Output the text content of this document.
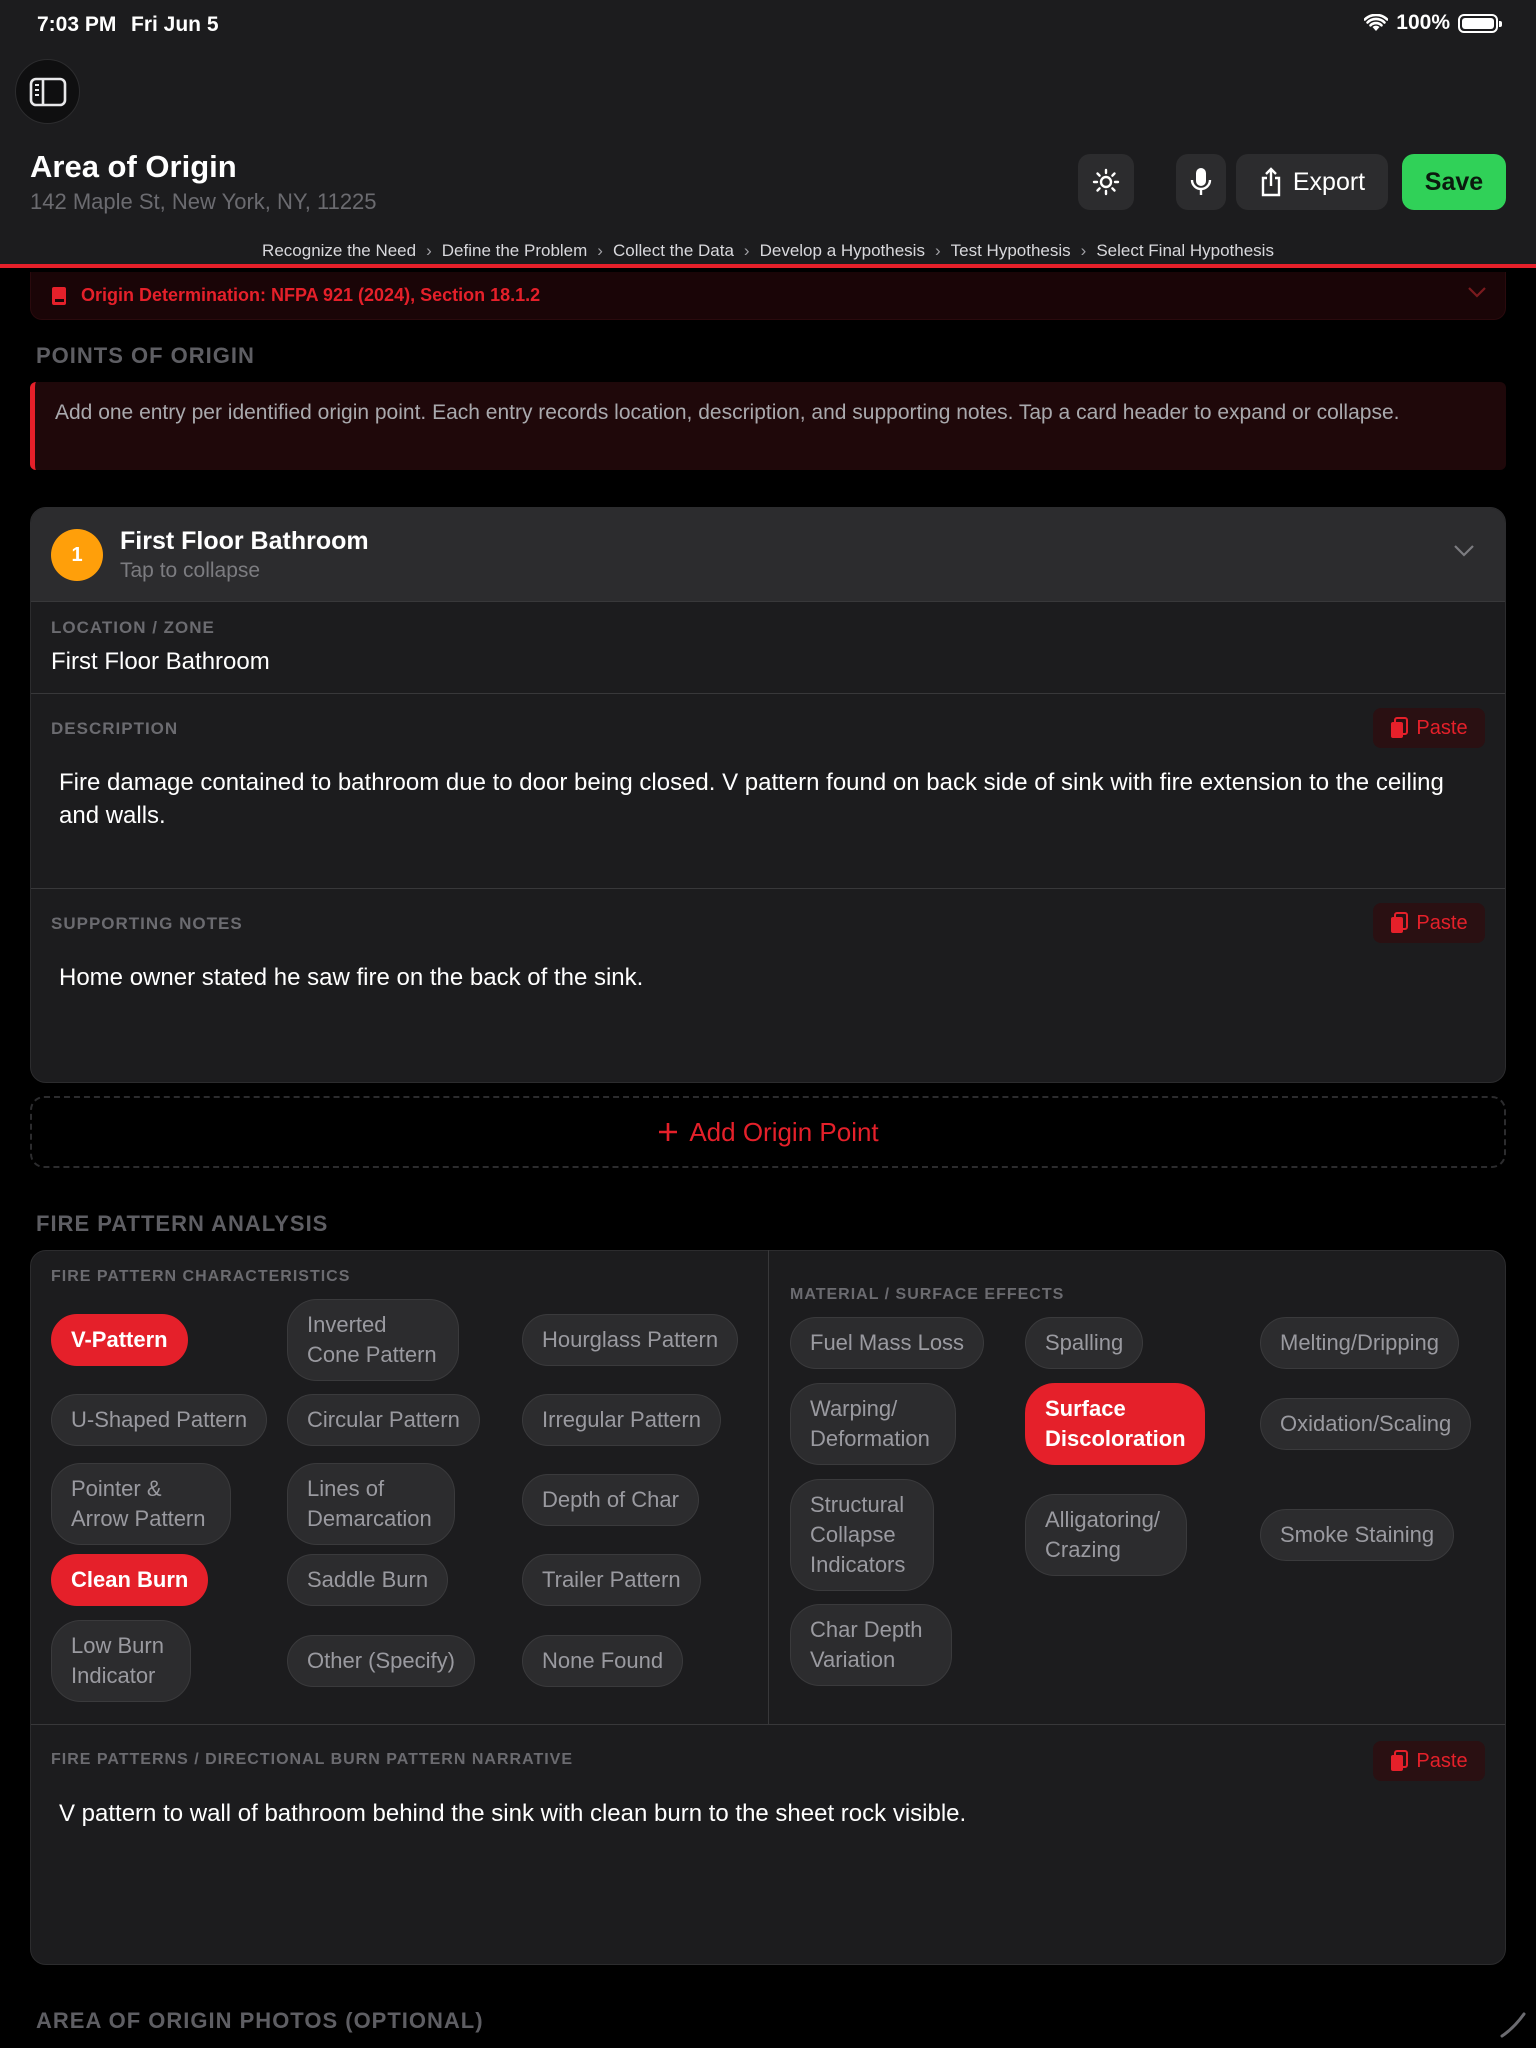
7:03 PM Fri Jun 5	100%
Area of Origin
142 Maple St, New York, NY, 11225
Export	Save
Recognize the Need › Define the Problem › Collect the Data › Develop a Hypothesis › Test Hypothesis › Select Final Hypothesis
Origin Determination: NFPA 921 (2024), Section 18.1.2
POINTS OF ORIGIN
Add one entry per identified origin point. Each entry records location, description, and supporting notes. Tap a card header to expand or collapse.
1	First Floor Bathroom
Tap to collapse
LOCATION / ZONE
First Floor Bathroom
DESCRIPTION	Paste
Fire damage contained to bathroom due to door being closed. V pattern found on back side of sink with fire extension to the ceiling and walls.
SUPPORTING NOTES	Paste
Home owner stated he saw fire on the back of the sink.
Add Origin Point
FIRE PATTERN ANALYSIS
FIRE PATTERN CHARACTERISTICS
MATERIAL / SURFACE EFFECTS
V-Pattern
Inverted Cone Pattern
Hourglass Pattern
U-Shaped Pattern	Circular Pattern	Irregular Pattern
Pointer & Arrow Pattern
Lines of Demarcation
Depth of Char
Clean Burn	Saddle Burn	Trailer Pattern
Low Burn Indicator
Other (Specify)	None Found
Fuel Mass Loss	Spalling	Melting/Dripping
Warping/ Deformation
Surface Discoloration
Oxidation/Scaling
Structural Collapse Indicators
Alligatoring/ Crazing
Smoke Staining
Char Depth Variation
FIRE PATTERNS / DIRECTIONAL BURN PATTERN NARRATIVE	Paste
V pattern to wall of bathroom behind the sink with clean burn to the sheet rock visible.
AREA OF ORIGIN PHOTOS (OPTIONAL)
